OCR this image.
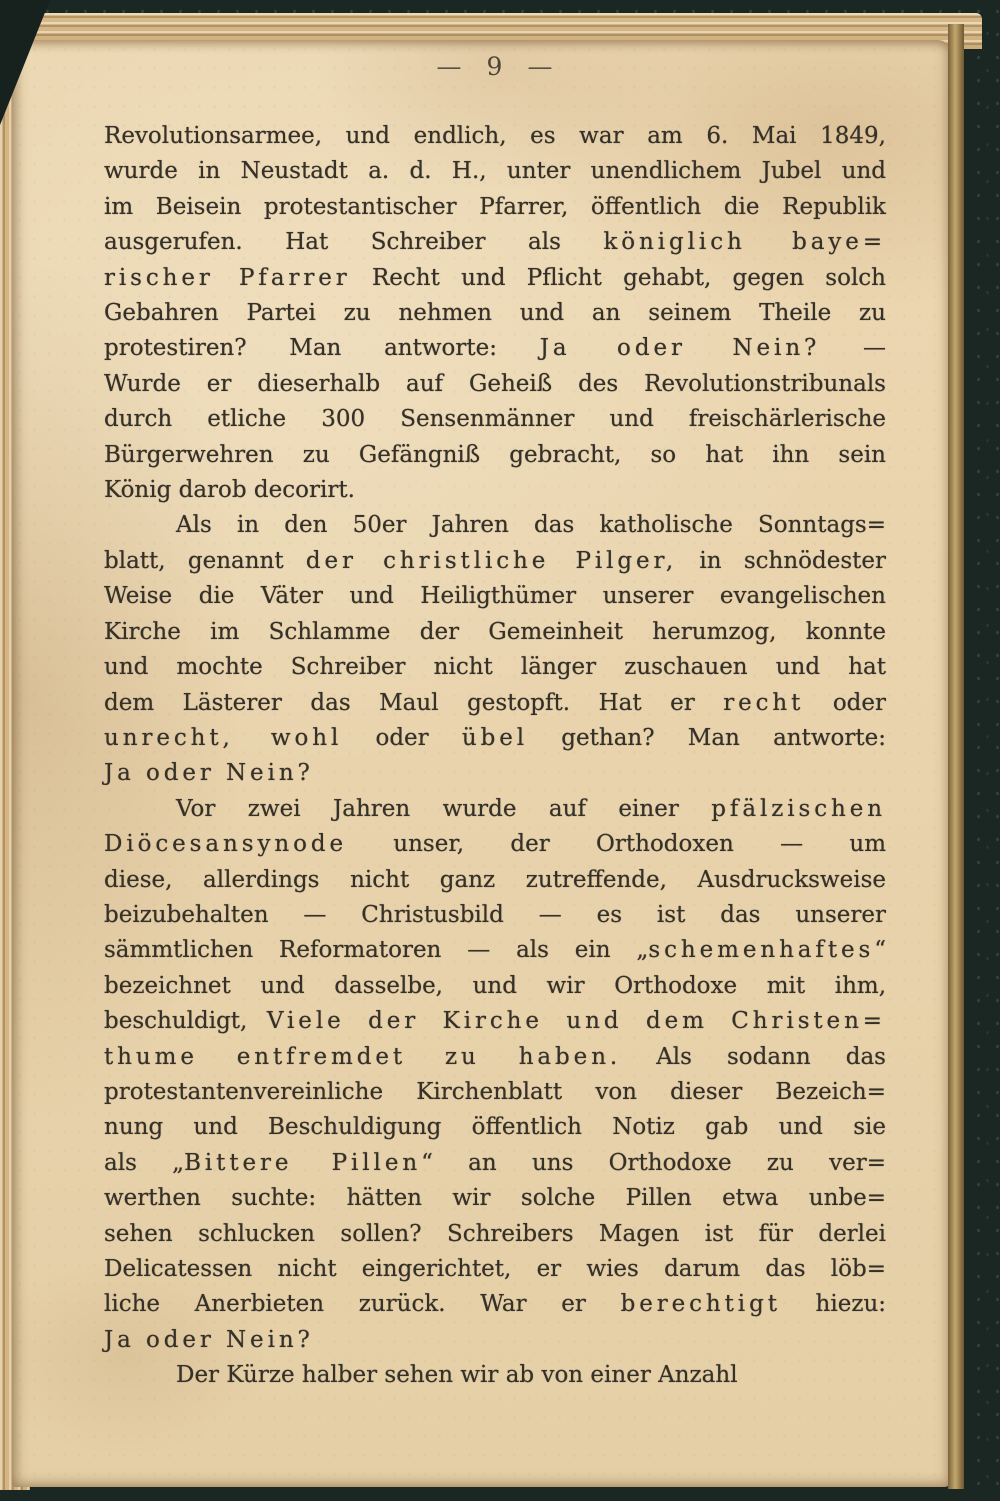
— 9 —
Revolutionsarmee, und endlich, es war am 6. Mai 1849,
wurde in Neustadt a. d. H., unter unendlichem Jubel und
im Beisein protestantischer Pfarrer, öffentlich die Republik
ausgerufen. Hat Schreiber als königlich baye=
rischer Pfarrer Recht und Pflicht gehabt, gegen solch
Gebahren Partei zu nehmen und an seinem Theile zu
protestiren? Man antworte: Ja oder Nein? —
Wurde er dieserhalb auf Geheiß des Revolutionstribunals
durch etliche 300 Sensenmänner und freischärlerische
Bürgerwehren zu Gefängniß gebracht, so hat ihn sein
König darob decorirt.
Als in den 50er Jahren das katholische Sonntags=
blatt, genannt der christliche Pilger, in schnödester
Weise die Väter und Heiligthümer unserer evangelischen
Kirche im Schlamme der Gemeinheit herumzog, konnte
und mochte Schreiber nicht länger zuschauen und hat
dem Lästerer das Maul gestopft. Hat er recht oder
unrecht, wohl oder übel gethan? Man antworte:
Ja oder Nein?
Vor zwei Jahren wurde auf einer pfälzischen
Diöcesansynode unser, der Orthodoxen — um
diese, allerdings nicht ganz zutreffende, Ausdrucksweise
beizubehalten — Christusbild — es ist das unserer
sämmtlichen Reformatoren — als ein „schemenhaftes“
bezeichnet und dasselbe, und wir Orthodoxe mit ihm,
beschuldigt, Viele der Kirche und dem Christen=
thume entfremdet zu haben. Als sodann das
protestantenvereinliche Kirchenblatt von dieser Bezeich=
nung und Beschuldigung öffentlich Notiz gab und sie
als „Bittere Pillen“ an uns Orthodoxe zu ver=
werthen suchte: hätten wir solche Pillen etwa unbe=
sehen schlucken sollen? Schreibers Magen ist für derlei
Delicatessen nicht eingerichtet, er wies darum das löb=
liche Anerbieten zurück. War er berechtigt hiezu:
Ja oder Nein?
Der Kürze halber sehen wir ab von einer Anzahl
